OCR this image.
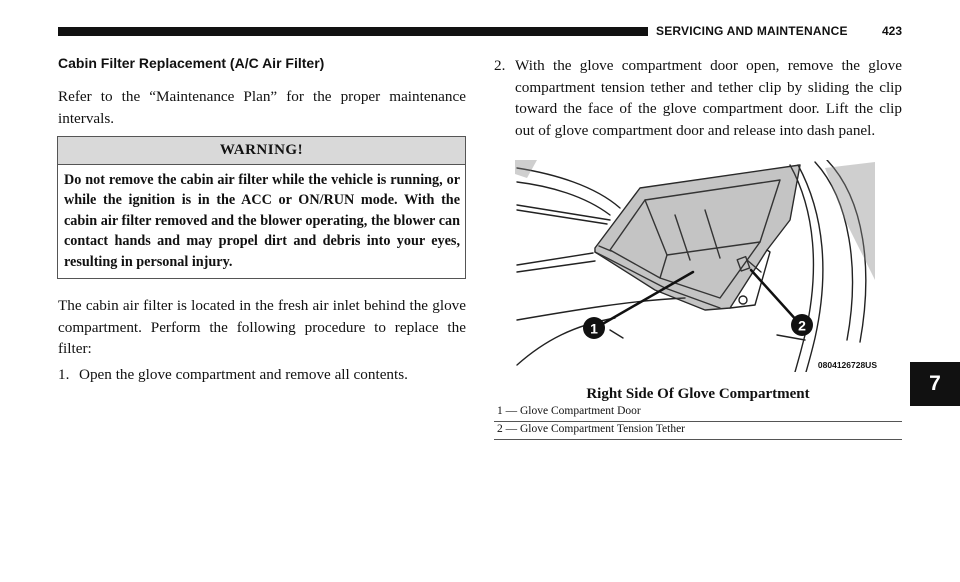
SERVICING AND MAINTENANCE	423
7
Cabin Filter Replacement (A/C Air Filter)
Refer to the “Maintenance Plan” for the proper maintenance intervals.
WARNING!
Do not remove the cabin air filter while the vehicle is running, or while the ignition is in the ACC or ON/RUN mode. With the cabin air filter removed and the blower operating, the blower can contact hands and may propel dirt and debris into your eyes, resulting in personal injury.
The cabin air filter is located in the fresh air inlet behind the glove compartment. Perform the following procedure to replace the filter:
1. Open the glove compartment and remove all contents.
2. With the glove compartment door open, remove the glove compartment tension tether and tether clip by sliding the clip toward the face of the glove compartment door. Lift the clip out of glove compartment door and release into dash panel.
1	2
0804126728US
Right Side Of Glove Compartment
1 — Glove Compartment Door
2 — Glove Compartment Tension Tether
